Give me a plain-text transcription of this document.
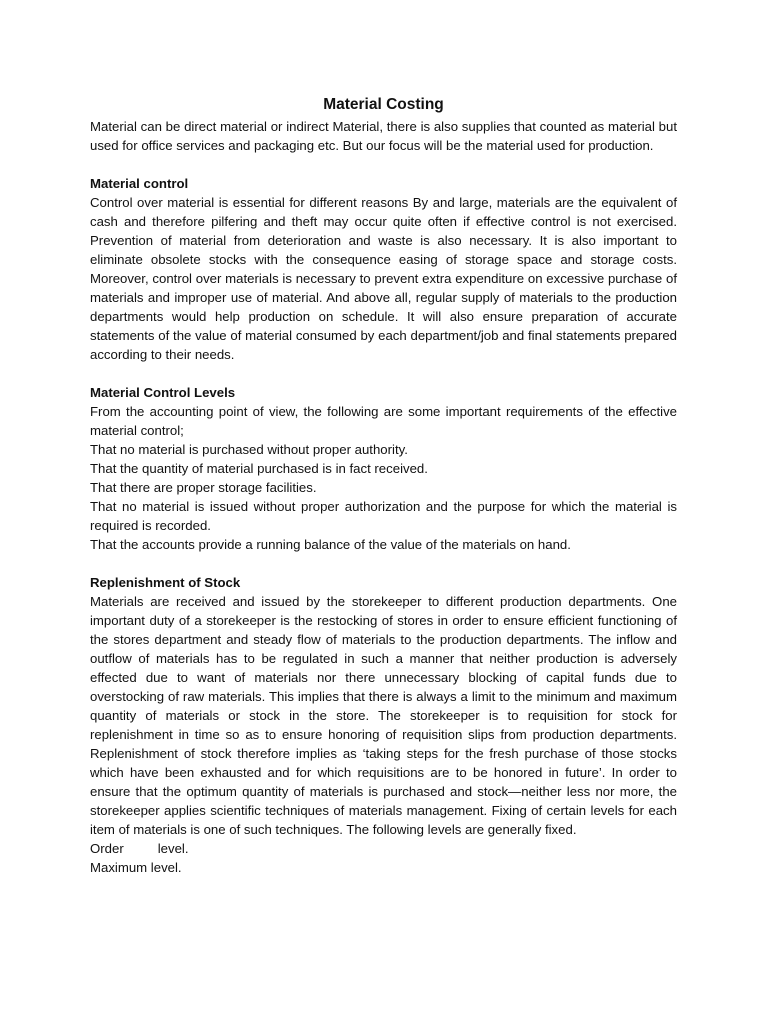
Material Costing

Material can be direct material or indirect Material, there is also supplies that counted as material but used for office services and packaging etc. But our focus will be the material used for production.

Material control

Control over material is essential for different reasons By and large, materials are the equivalent of cash and therefore pilfering and theft may occur quite often if effective control is not exercised. Prevention of material from deterioration and waste is also necessary. It is also important to eliminate obsolete stocks with the consequence easing of storage space and storage costs. Moreover, control over materials is necessary to prevent extra expenditure on excessive purchase of materials and improper use of material. And above all, regular supply of materials to the production departments would help production on schedule. It will also ensure preparation of accurate statements of the value of material consumed by each department/job and final statements prepared according to their needs.

Material Control Levels

From the accounting point of view, the following are some important requirements of the effective material control;

That no material is purchased without proper authority.

That the quantity of material purchased is in fact received.

That there are proper storage facilities.

That no material is issued without proper authorization and the purpose for which the material is required is recorded.

That the accounts provide a running balance of the value of the materials on hand.

Replenishment of Stock

Materials are received and issued by the storekeeper to different production departments. One important duty of a storekeeper is the restocking of stores in order to ensure efficient functioning of the stores department and steady flow of materials to the production departments. The inflow and outflow of materials has to be regulated in such a manner that neither production is adversely effected due to want of materials nor there unnecessary blocking of capital funds due to overstocking of raw materials. This implies that there is always a limit to the minimum and maximum quantity of materials or stock in the store. The storekeeper is to requisition for stock for replenishment in time so as to ensure honoring of requisition slips from production departments. Replenishment of stock therefore implies as ‘taking steps for the fresh purchase of those stocks which have been exhausted and for which requisitions are to be honored in future’. In order to ensure that the optimum quantity of materials is purchased and stock—neither less nor more, the storekeeper applies scientific techniques of materials management. Fixing of certain levels for each item of materials is one of such techniques. The following levels are generally fixed.

Order	level.

Maximum level.
